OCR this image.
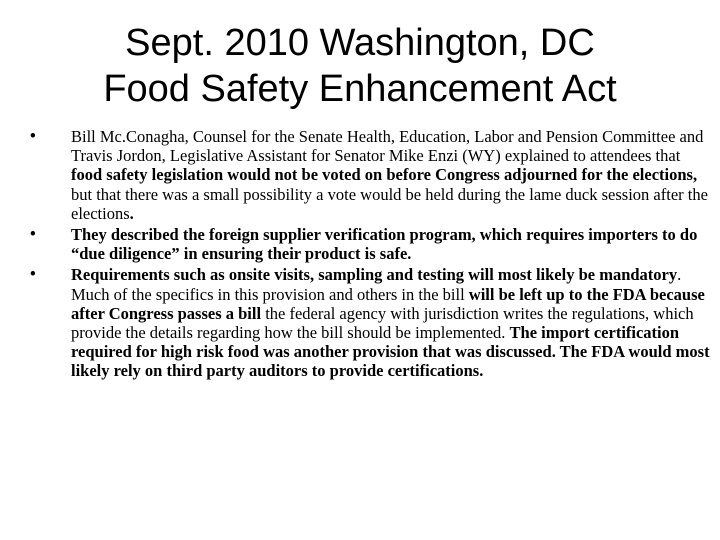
Sept. 2010 Washington, DC
Food Safety Enhancement Act
•	Bill Mc.Conagha, Counsel for the Senate Health, Education, Labor and Pension Committee and Travis Jordon, Legislative Assistant for Senator Mike Enzi (WY) explained to attendees that food safety legislation would not be voted on before Congress adjourned for the elections, but that there was a small possibility a vote would be held during the lame duck session after the elections.
•	They described the foreign supplier verification program, which requires importers to do “due diligence” in ensuring their product is safe.
•	Requirements such as onsite visits, sampling and testing will most likely be mandatory. Much of the specifics in this provision and others in the bill will be left up to the FDA because after Congress passes a bill the federal agency with jurisdiction writes the regulations, which provide the details regarding how the bill should be implemented. The import certification required for high risk food was another provision that was discussed. The FDA would most likely rely on third party auditors to provide certifications.
